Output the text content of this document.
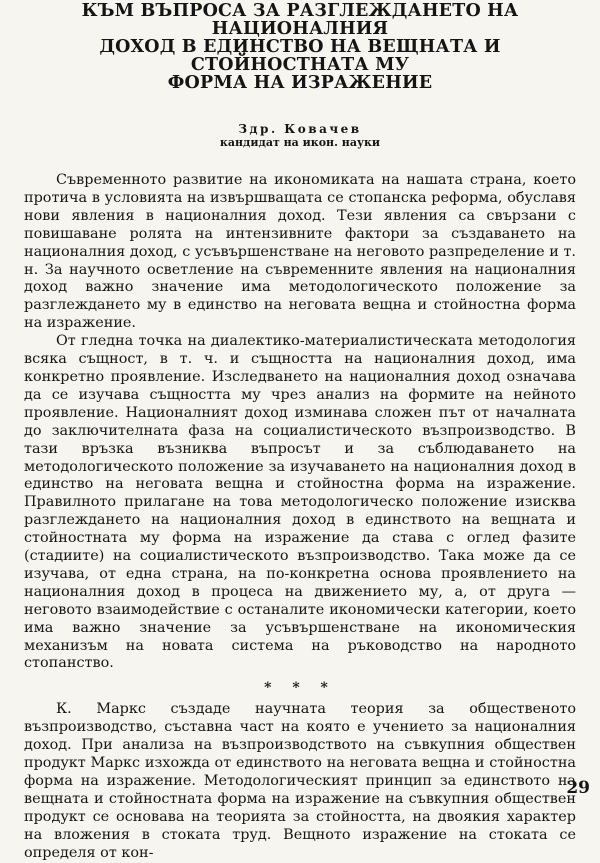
КЪМ ВЪПРОСА ЗА РАЗГЛЕЖДАНЕТО НА НАЦИОНАЛНИЯ
ДОХОД В ЕДИНСТВО НА ВЕЩНАТА И СТОЙНОСТНАТА МУ
ФОРМА НА ИЗРАЖЕНИЕ
Здр. Ковачев
кандидат на икон. науки

Съвременното развитие на икономиката на нашата страна, което протича в условията на извършващата се стопанска реформа, обуславя нови явления в националния доход. Тези явления са свързани с повишаване ролята на интензивните фактори за създаването на националния доход, с усъвършенстване на неговото разпределение и т. н. За научното осветление на съвременните явления на националния доход важно значение има методологическото положение за разглеждането му в единство на неговата вещна и стойностна форма на изражение.

От гледна точка на диалектико-материалистическата методология всяка същност, в т. ч. и същността на националния доход, има конкретно проявление. Изследването на националния доход означава да се изучава същността му чрез анализ на формите на нейното проявление. Националният доход изминава сложен път от началната до заключителната фаза на социалистическото възпроизводство. В тази връзка възниква въпросът и за съблюдаването на методологическото положение за изучаването на националния доход в единство на неговата вещна и стойностна форма на изражение. Правилното прилагане на това методологическо положение изисква разглеждането на националния доход в единството на вещната и стойностната му форма на изражение да става с оглед фазите (стадиите) на социалистическото възпроизводство. Така може да се изучава, от една страна, на по-конкретна основа проявлението на националния доход в процеса на движението му, а, от друга — неговото взаимодействие с останалите икономически категории, което има важно значение за усъвършенстване на икономическия механизъм на новата система на ръководство на народното стопанство.

* * *

К. Маркс създаде научната теория за общественото възпроизводство, съставна част на която е учението за националния доход. При анализа на възпроизводството на съвкупния обществен продукт Маркс изхожда от единството на неговата вещна и стойностна форма на изражение. Методологическият принцип за единството на вещната и стойностната форма на изражение на съвкупния обществен продукт се основава на теорията за стойността, на двоякия характер на вложения в стоката труд. Вещното изражение на стоката се определя от кон-

29
